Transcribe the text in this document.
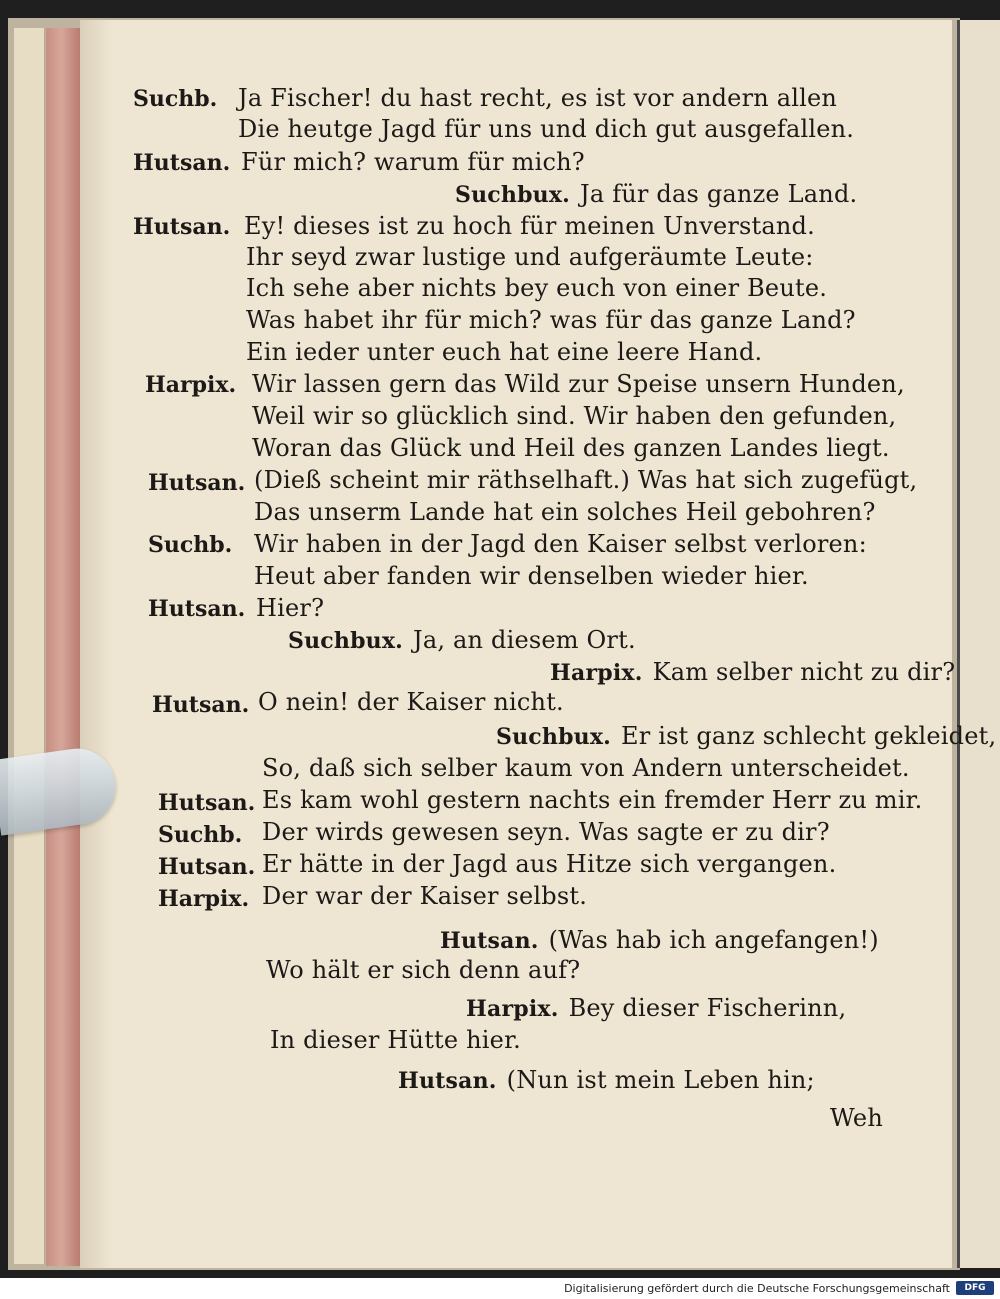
Suchb. Ja Fischer! du hast recht, es ist vor andern allen
Die heutge Jagd für uns und dich gut ausgefallen.
Hutsan. Für mich? warum für mich?
Suchbux. Ja für das ganze Land.
Hutsan. Ey! dieses ist zu hoch für meinen Unverstand.
Ihr seyd zwar lustige und aufgeräumte Leute:
Ich sehe aber nichts bey euch von einer Beute.
Was habet ihr für mich? was für das ganze Land?
Ein ieder unter euch hat eine leere Hand.
Harpix. Wir lassen gern das Wild zur Speise unsern Hunden,
Weil wir so glücklich sind. Wir haben den gefunden,
Woran das Glück und Heil des ganzen Landes liegt.
Hutsan. (Dieß scheint mir räthselhaft.) Was hat sich zugefügt,
Das unserm Lande hat ein solches Heil gebohren?
Suchb. Wir haben in der Jagd den Kaiser selbst verloren:
Heut aber fanden wir denselben wieder hier.
Hutsan. Hier?
Suchbux. Ja, an diesem Ort.
Harpix. Kam selber nicht zu dir?
Hutsan. O nein! der Kaiser nicht.
Suchbux. Er ist ganz schlecht gekleidet,
So, daß sich selber kaum von Andern unterscheidet.
Hutsan. Es kam wohl gestern nachts ein fremder Herr zu mir.
Suchb. Der wirds gewesen seyn. Was sagte er zu dir?
Hutsan. Er hätte in der Jagd aus Hitze sich vergangen.
Harpix. Der war der Kaiser selbst.
Hutsan. (Was hab ich angefangen!)
Wo hält er sich denn auf?
Harpix. Bey dieser Fischerinn,
In dieser Hütte hier.
Hutsan. (Nun ist mein Leben hin;
Weh
Digitalisierung gefördert durch die Deutsche Forschungsgemeinschaft	DFG
